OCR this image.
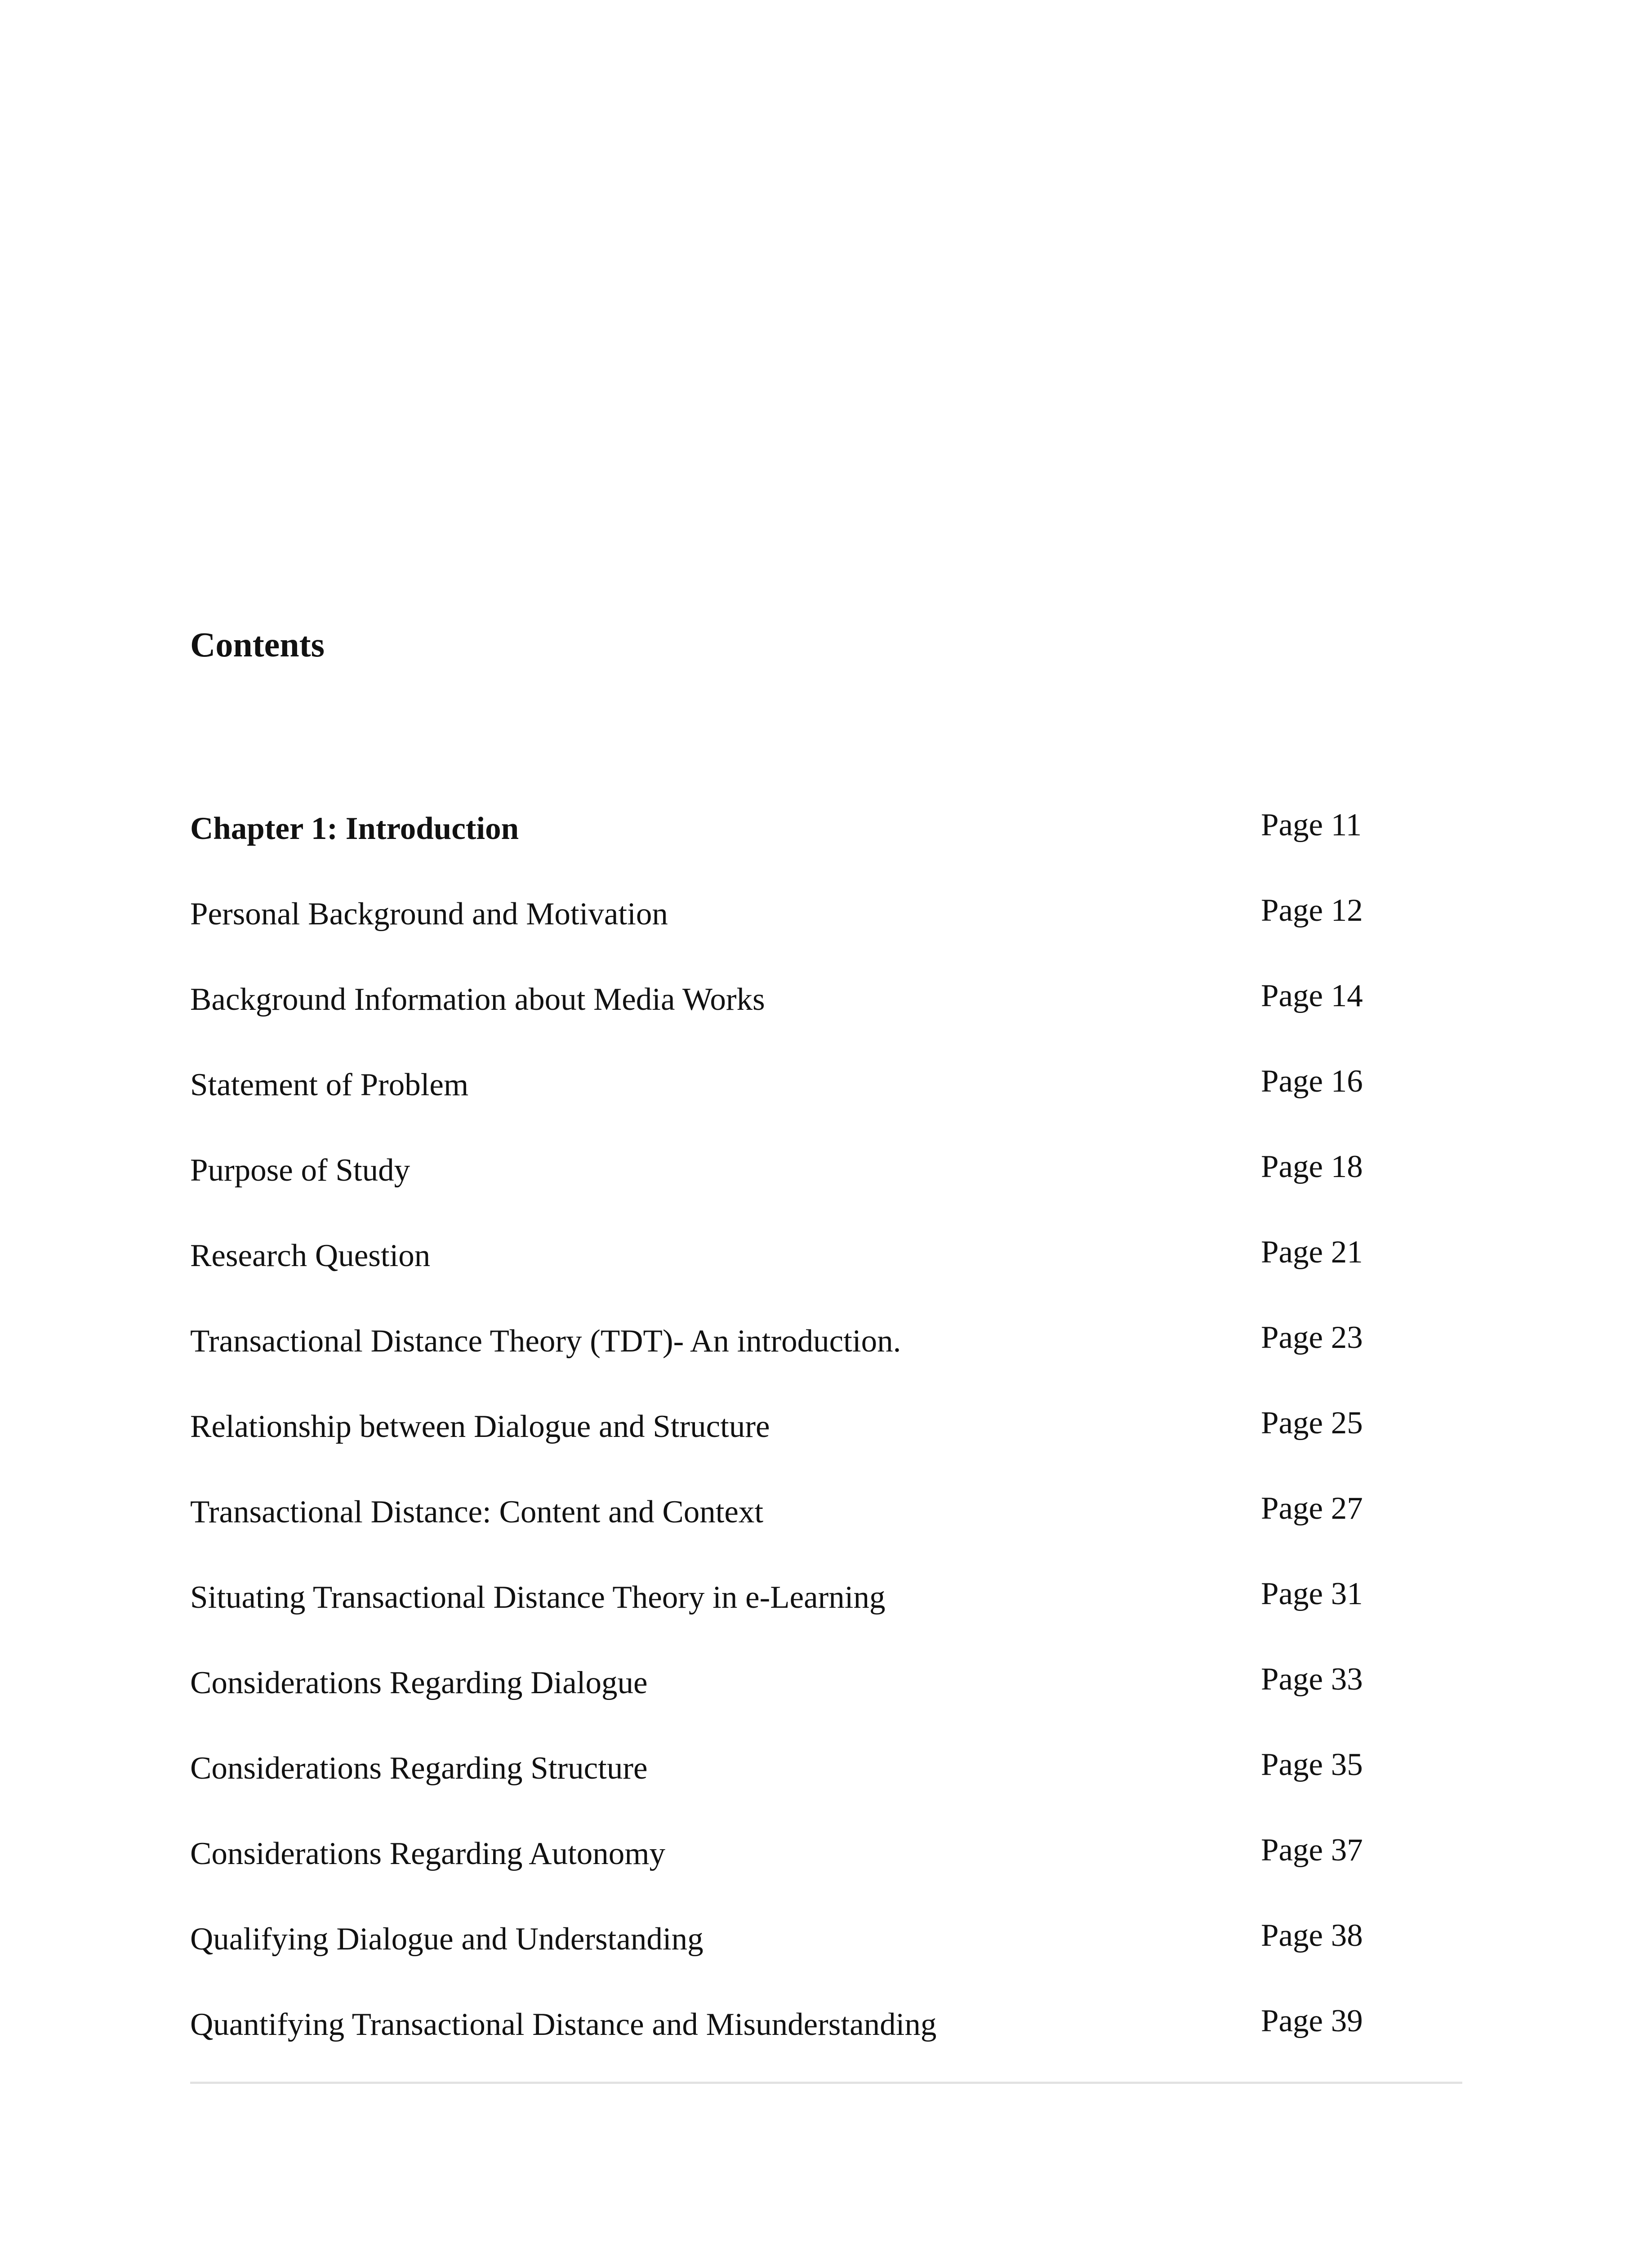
Contents
Chapter 1: Introduction	Page 11
Personal Background and Motivation	Page 12
Background Information about Media Works	Page 14
Statement of Problem	Page 16
Purpose of Study	Page 18
Research Question	Page 21
Transactional Distance Theory (TDT)- An introduction.	Page 23
Relationship between Dialogue and Structure	Page 25
Transactional Distance: Content and Context	Page 27
Situating Transactional Distance Theory in e-Learning	Page 31
Considerations Regarding Dialogue	Page 33
Considerations Regarding Structure	Page 35
Considerations Regarding Autonomy	Page 37
Qualifying Dialogue and Understanding	Page 38
Quantifying Transactional Distance and Misunderstanding	Page 39
